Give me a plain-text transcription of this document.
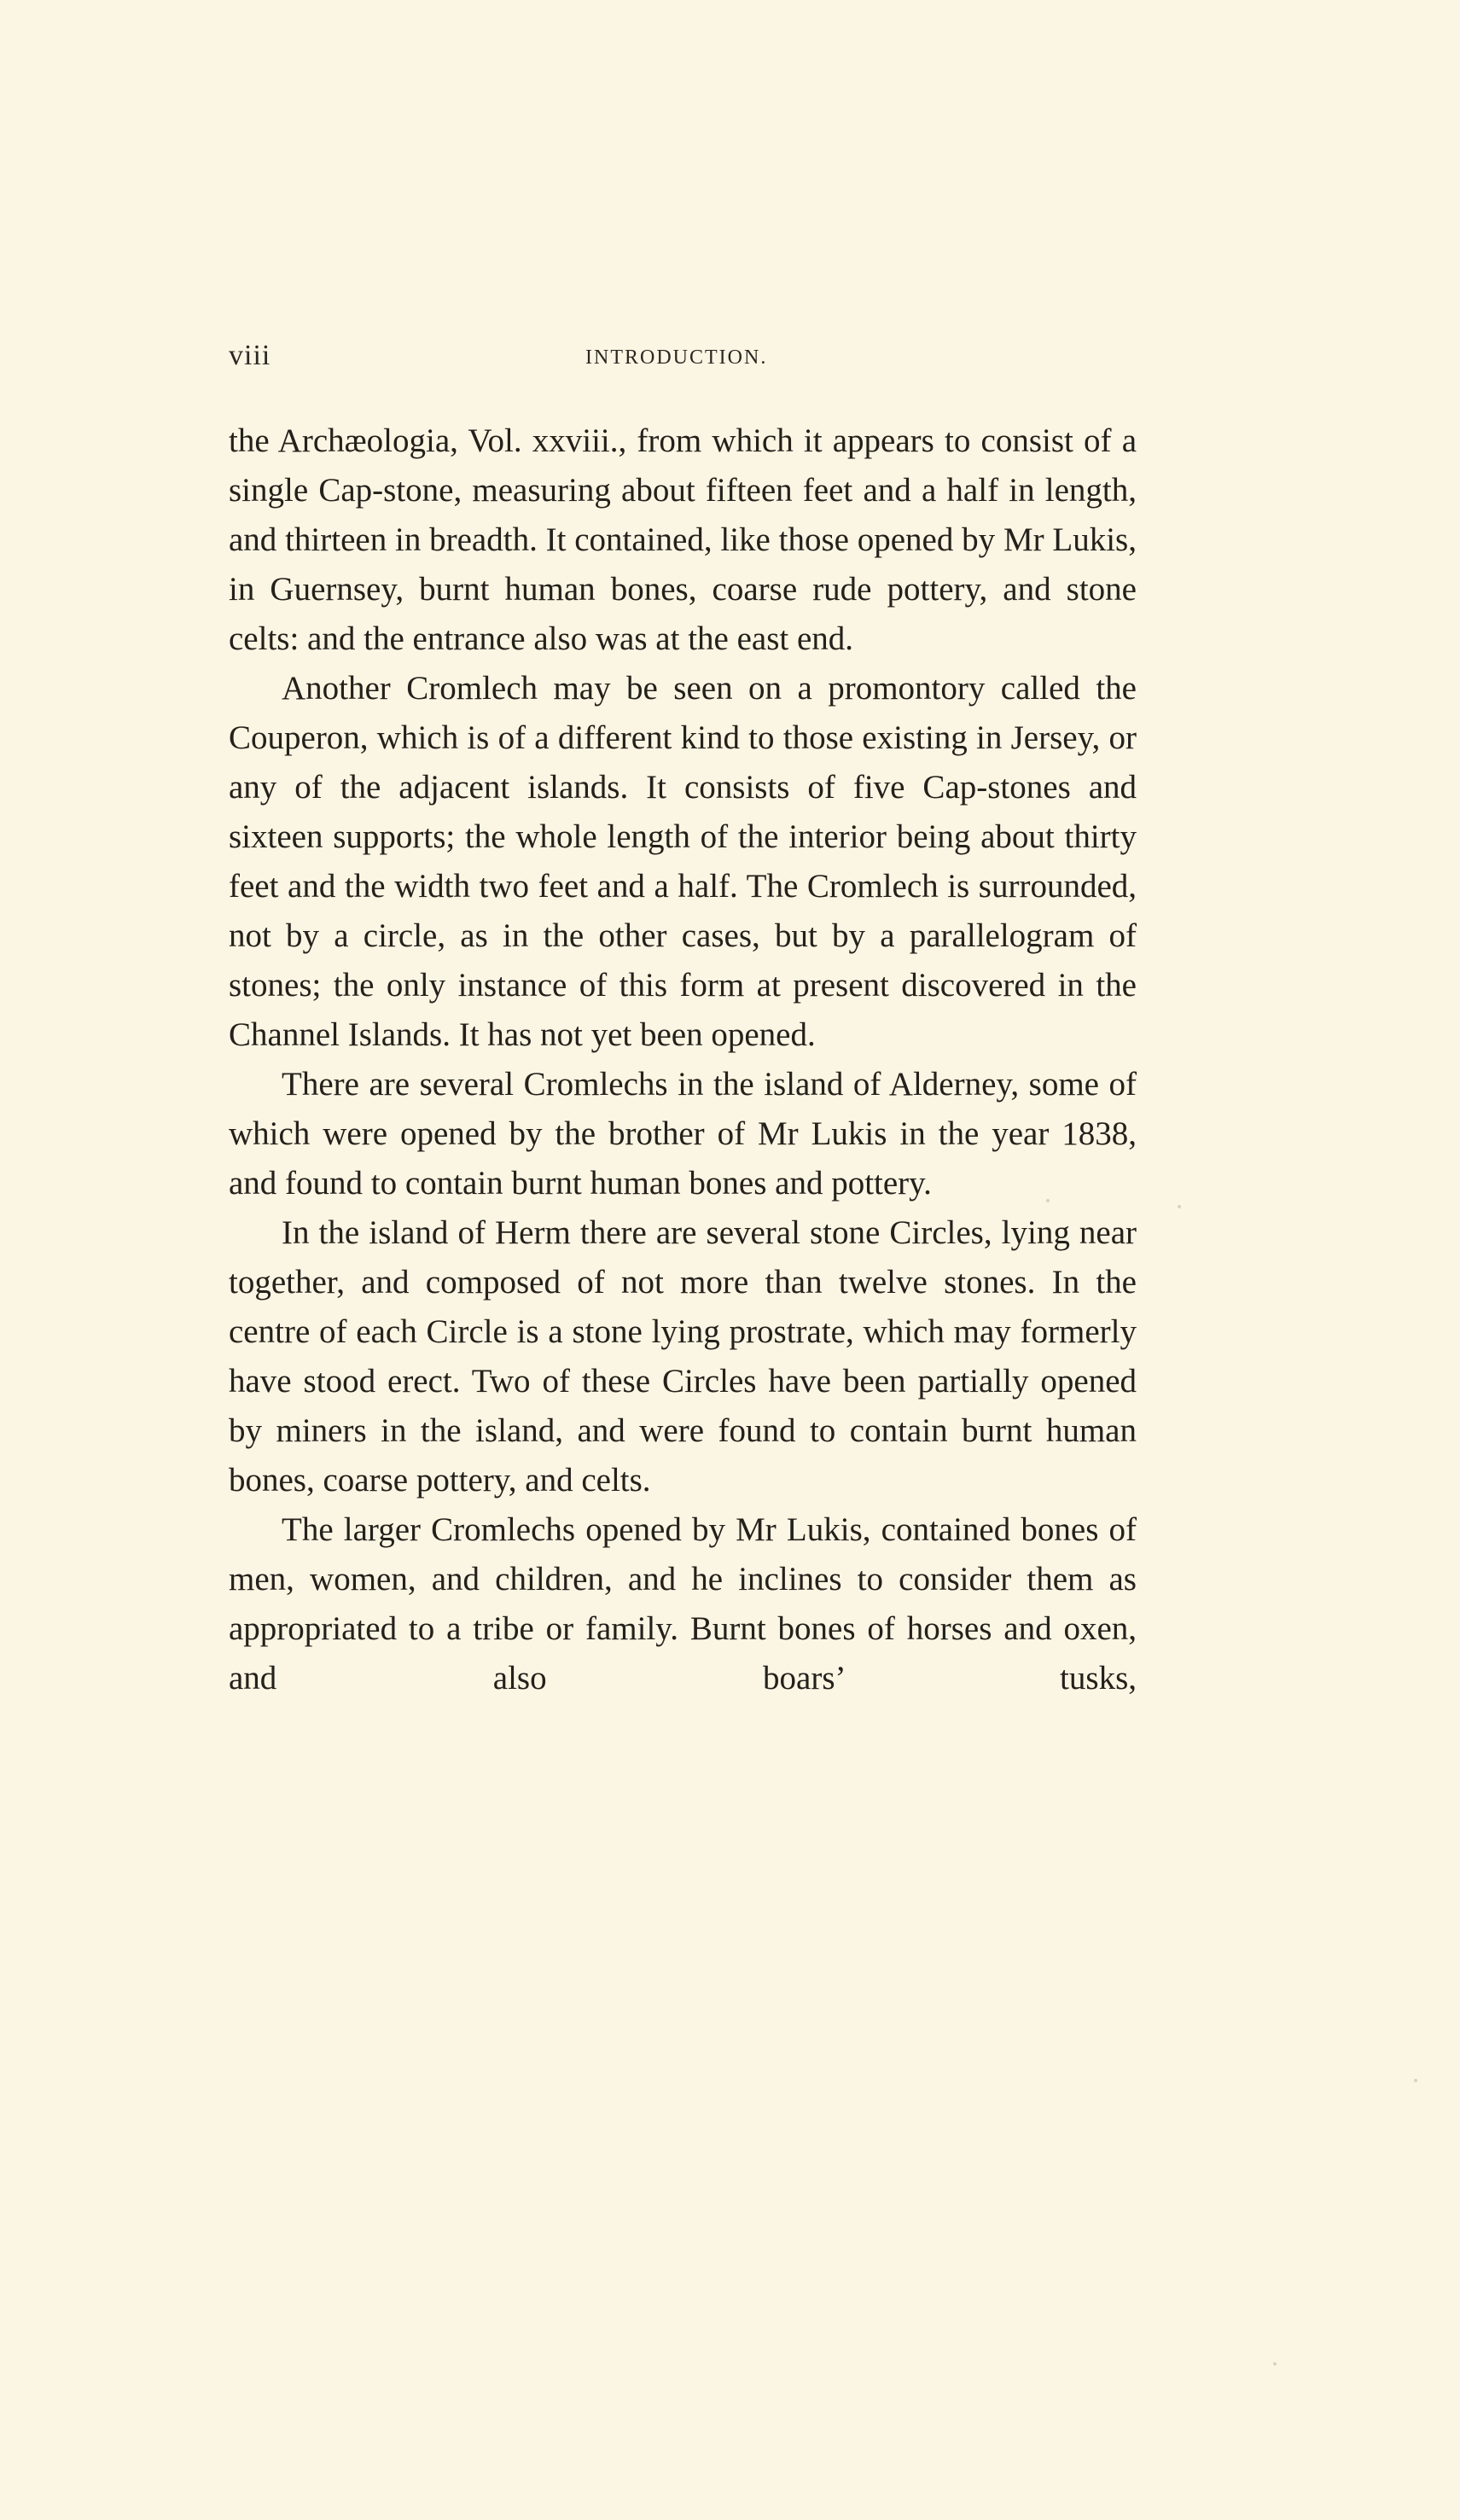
viii	INTRODUCTION.

the Archæologia, Vol. xxviii., from which it appears to consist of a single Cap-stone, measuring about fifteen feet and a half in length, and thirteen in breadth. It contained, like those opened by Mr Lukis, in Guernsey, burnt human bones, coarse rude pottery, and stone celts: and the entrance also was at the east end.

Another Cromlech may be seen on a promontory called the Couperon, which is of a different kind to those existing in Jersey, or any of the adjacent islands. It consists of five Cap-stones and sixteen supports; the whole length of the interior being about thirty feet and the width two feet and a half. The Cromlech is surrounded, not by a circle, as in the other cases, but by a parallelogram of stones; the only instance of this form at present discovered in the Channel Islands. It has not yet been opened.

There are several Cromlechs in the island of Alderney, some of which were opened by the brother of Mr Lukis in the year 1838, and found to contain burnt human bones and pottery.

In the island of Herm there are several stone Circles, lying near together, and composed of not more than twelve stones. In the centre of each Circle is a stone lying prostrate, which may formerly have stood erect. Two of these Circles have been partially opened by miners in the island, and were found to contain burnt human bones, coarse pottery, and celts.

The larger Cromlechs opened by Mr Lukis, contained bones of men, women, and children, and he inclines to consider them as appropriated to a tribe or family. Burnt bones of horses and oxen, and also boars’ tusks,
